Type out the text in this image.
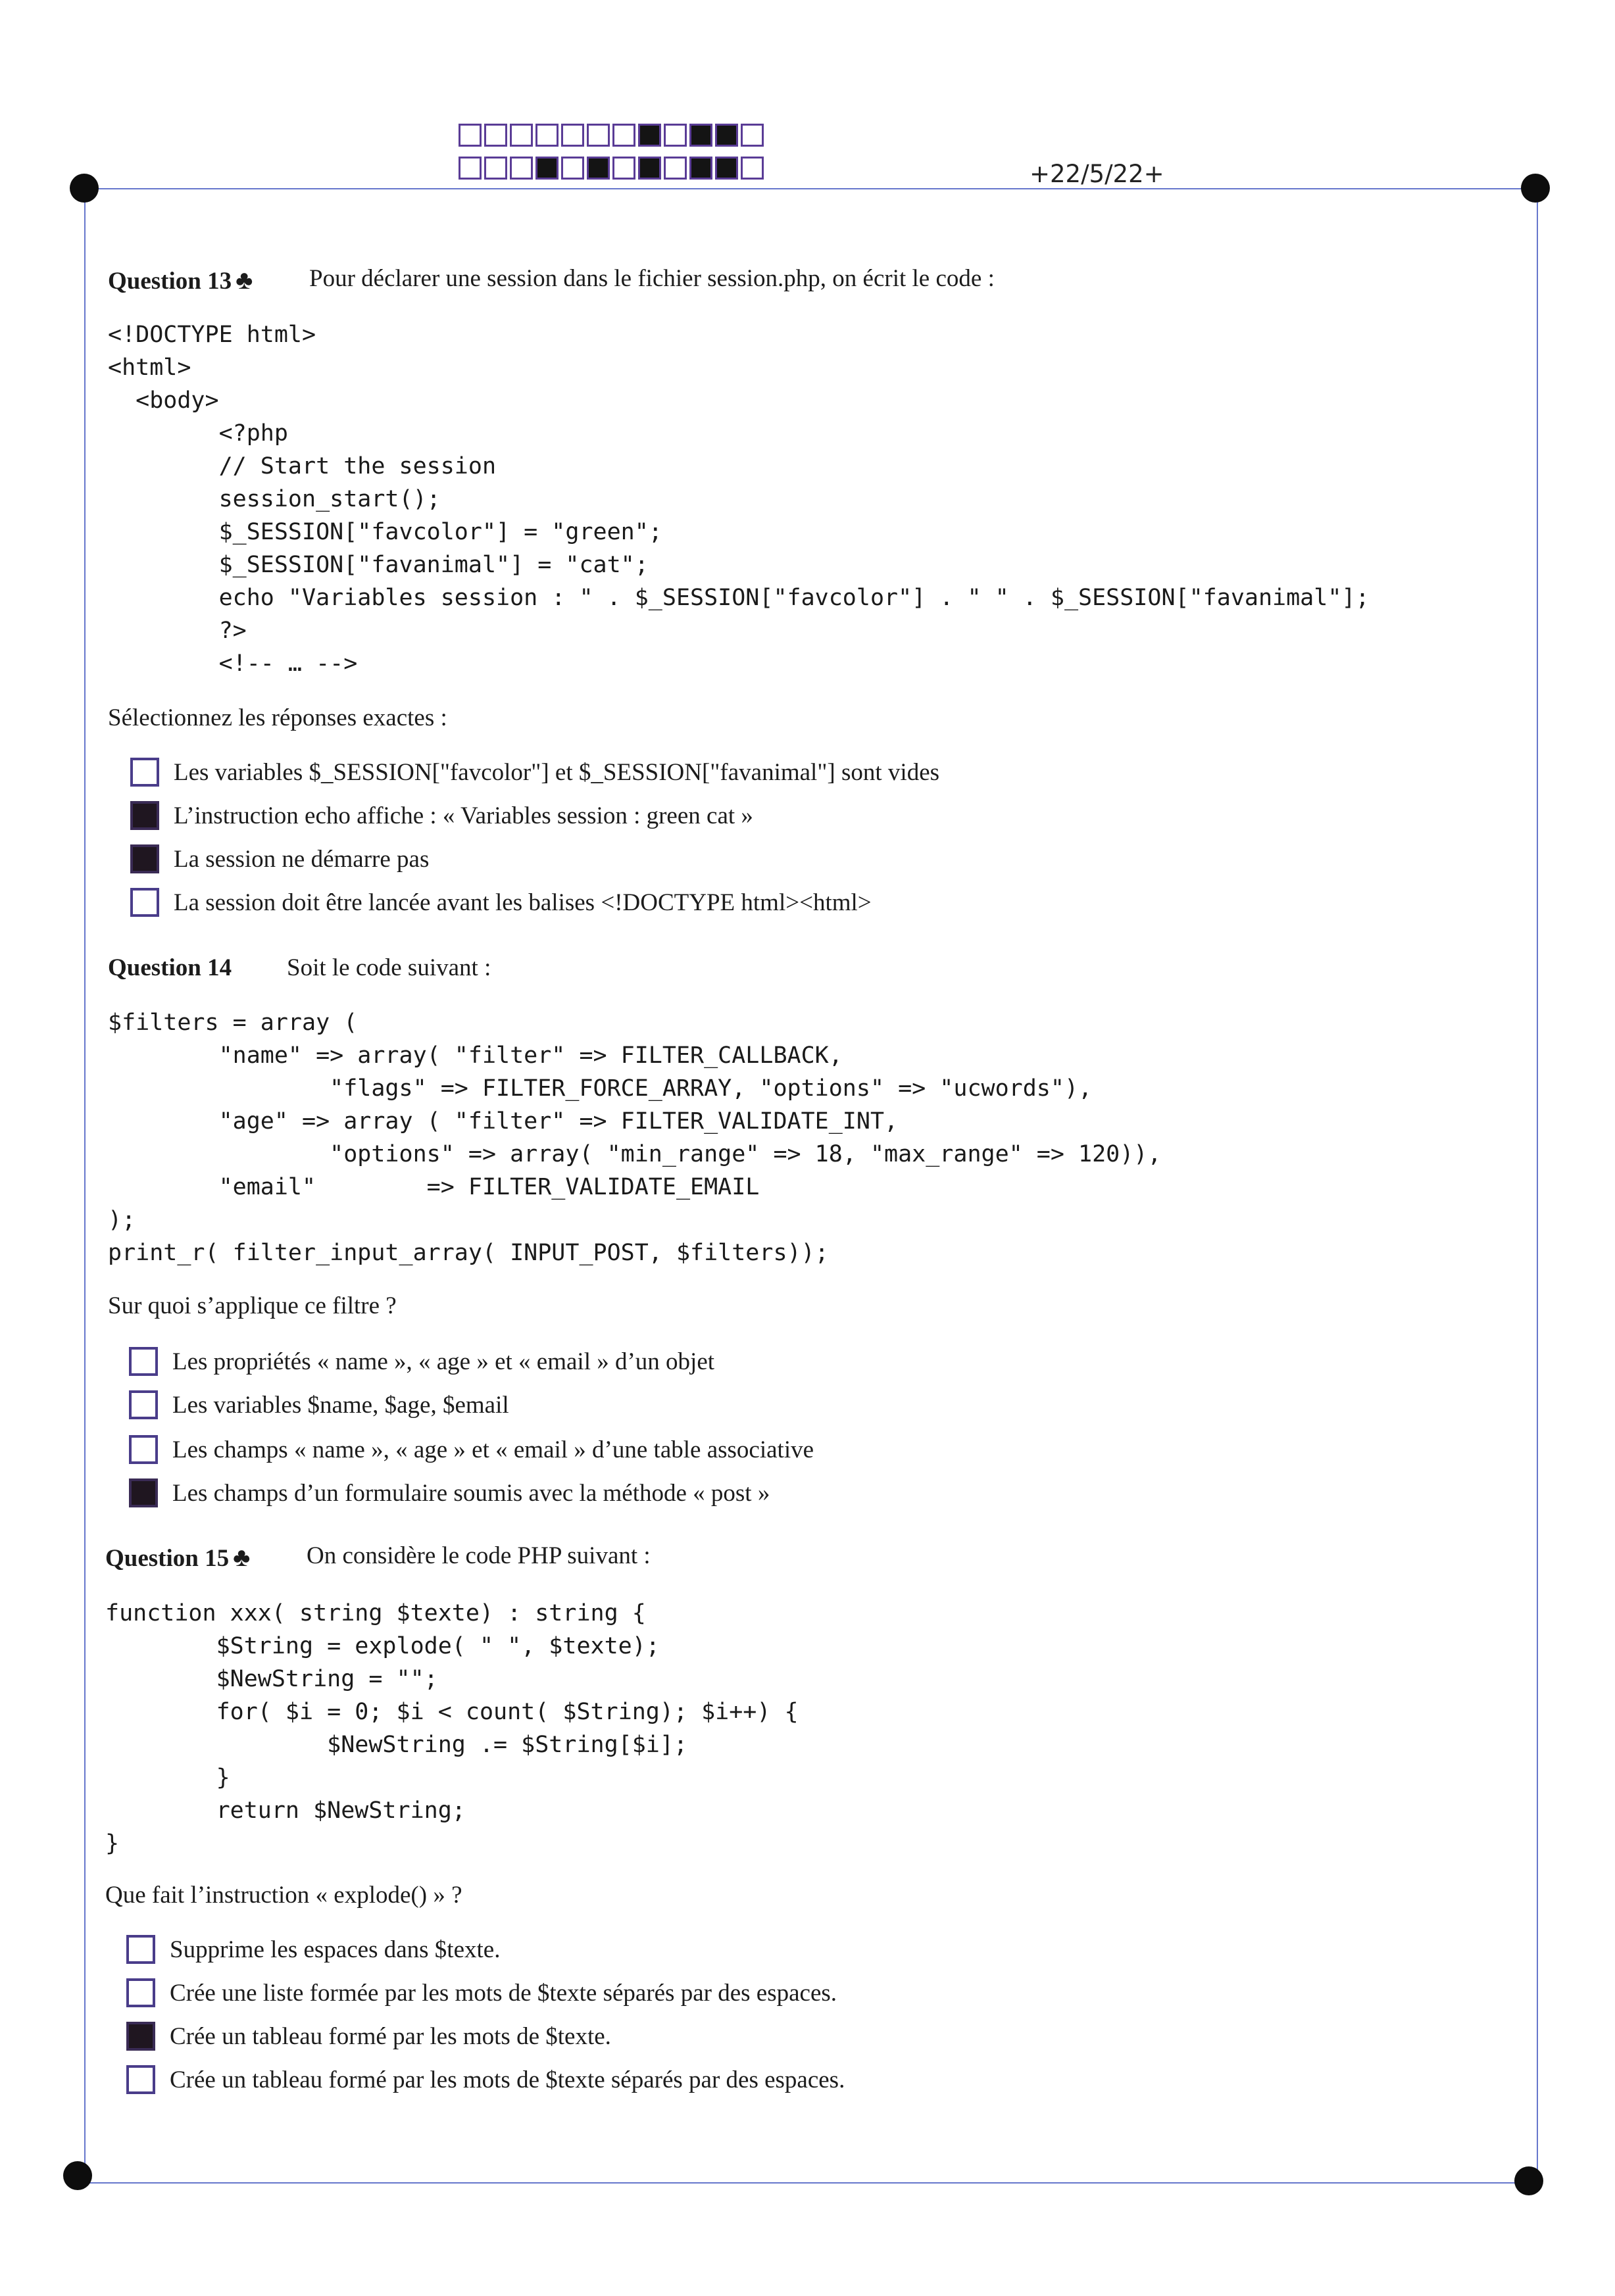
+22/5/22+
Question 13 ♣ Pour déclarer une session dans le fichier session.php, on écrit le code :
<!DOCTYPE html>
<html>
<body>
<?php
// Start the session
session_start();
$_SESSION["favcolor"] = "green";
$_SESSION["favanimal"] = "cat";
echo "Variables session : " . $_SESSION["favcolor"] . " " . $_SESSION["favanimal"];
?>
<!-- … -->
Sélectionnez les réponses exactes :
Les variables $_SESSION["favcolor"] et $_SESSION["favanimal"] sont vides
L’instruction echo affiche : « Variables session : green cat »
La session ne démarre pas
La session doit être lancée avant les balises <!DOCTYPE html><html>
Question 14 Soit le code suivant :
$filters = array (
"name" => array( "filter" => FILTER_CALLBACK,
"flags" => FILTER_FORCE_ARRAY, "options" => "ucwords"),
"age" => array ( "filter" => FILTER_VALIDATE_INT,
"options" => array( "min_range" => 18, "max_range" => 120)),
"email"        => FILTER_VALIDATE_EMAIL
);
print_r( filter_input_array( INPUT_POST, $filters));
Sur quoi s’applique ce filtre ?
Les propriétés « name », « age » et « email » d’un objet
Les variables $name, $age, $email
Les champs « name », « age » et « email » d’une table associative
Les champs d’un formulaire soumis avec la méthode « post »
Question 15 ♣ On considère le code PHP suivant :
function xxx( string $texte) : string {
$String = explode( " ", $texte);
$NewString = "";
for( $i = 0; $i < count( $String); $i++) {
$NewString .= $String[$i];
}
return $NewString;
}
Que fait l’instruction « explode() » ?
Supprime les espaces dans $texte.
Crée une liste formée par les mots de $texte séparés par des espaces.
Crée un tableau formé par les mots de $texte.
Crée un tableau formé par les mots de $texte séparés par des espaces.
